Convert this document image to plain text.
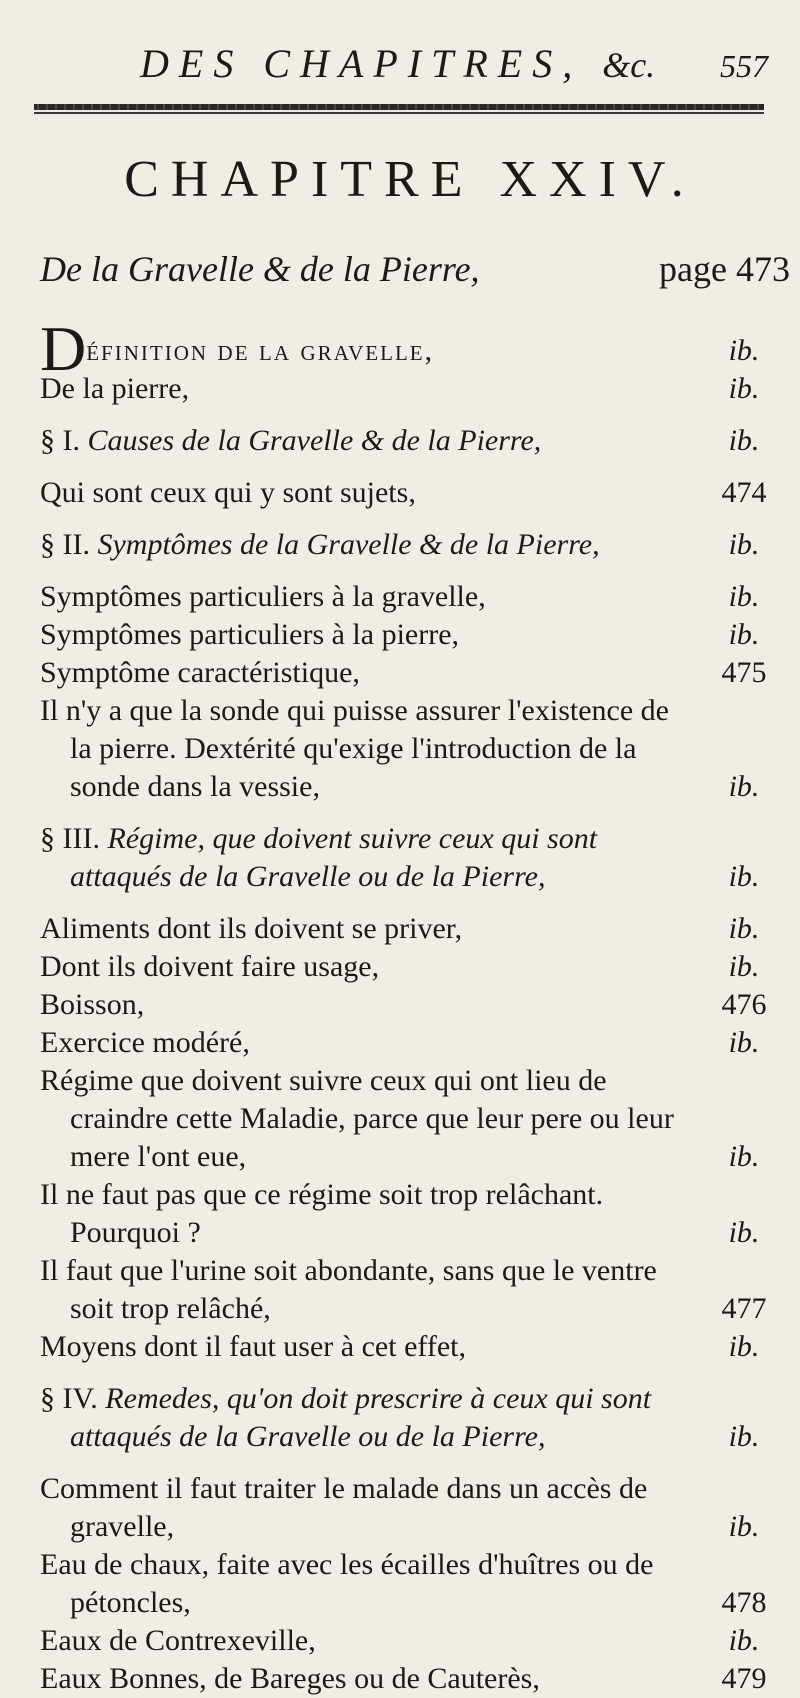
DES CHAPITRES, &c.	557
CHAPITRE XXIV.
De la Gravelle & de la Pierre,	page 473
Définition de la gravelle,	ib.
De la pierre,	ib.
§ I. Causes de la Gravelle & de la Pierre,	ib.
Qui sont ceux qui y sont sujets,	474
§ II. Symptômes de la Gravelle & de la Pierre,	ib.
Symptômes particuliers à la gravelle,	ib.
Symptômes particuliers à la pierre,	ib.
Symptôme caractéristique,	475
Il n'y a que la sonde qui puisse assurer l'existence de la pierre. Dextérité qu'exige l'introduction de la sonde dans la vessie,	ib.
§ III. Régime, que doivent suivre ceux qui sont attaqués de la Gravelle ou de la Pierre,	ib.
Aliments dont ils doivent se priver,	ib.
Dont ils doivent faire usage,	ib.
Boisson,	476
Exercice modéré,	ib.
Régime que doivent suivre ceux qui ont lieu de craindre cette Maladie, parce que leur pere ou leur mere l'ont eue,	ib.
Il ne faut pas que ce régime soit trop relâchant. Pourquoi ?	ib.
Il faut que l'urine soit abondante, sans que le ventre soit trop relâché,	477
Moyens dont il faut user à cet effet,	ib.
§ IV. Remedes, qu'on doit prescrire à ceux qui sont attaqués de la Gravelle ou de la Pierre,	ib.
Comment il faut traiter le malade dans un accès de gravelle,	ib.
Eau de chaux, faite avec les écailles d'huîtres ou de pétoncles,	478
Eaux de Contrexeville,	ib.
Eaux Bonnes, de Bareges ou de Cauterès,	479
